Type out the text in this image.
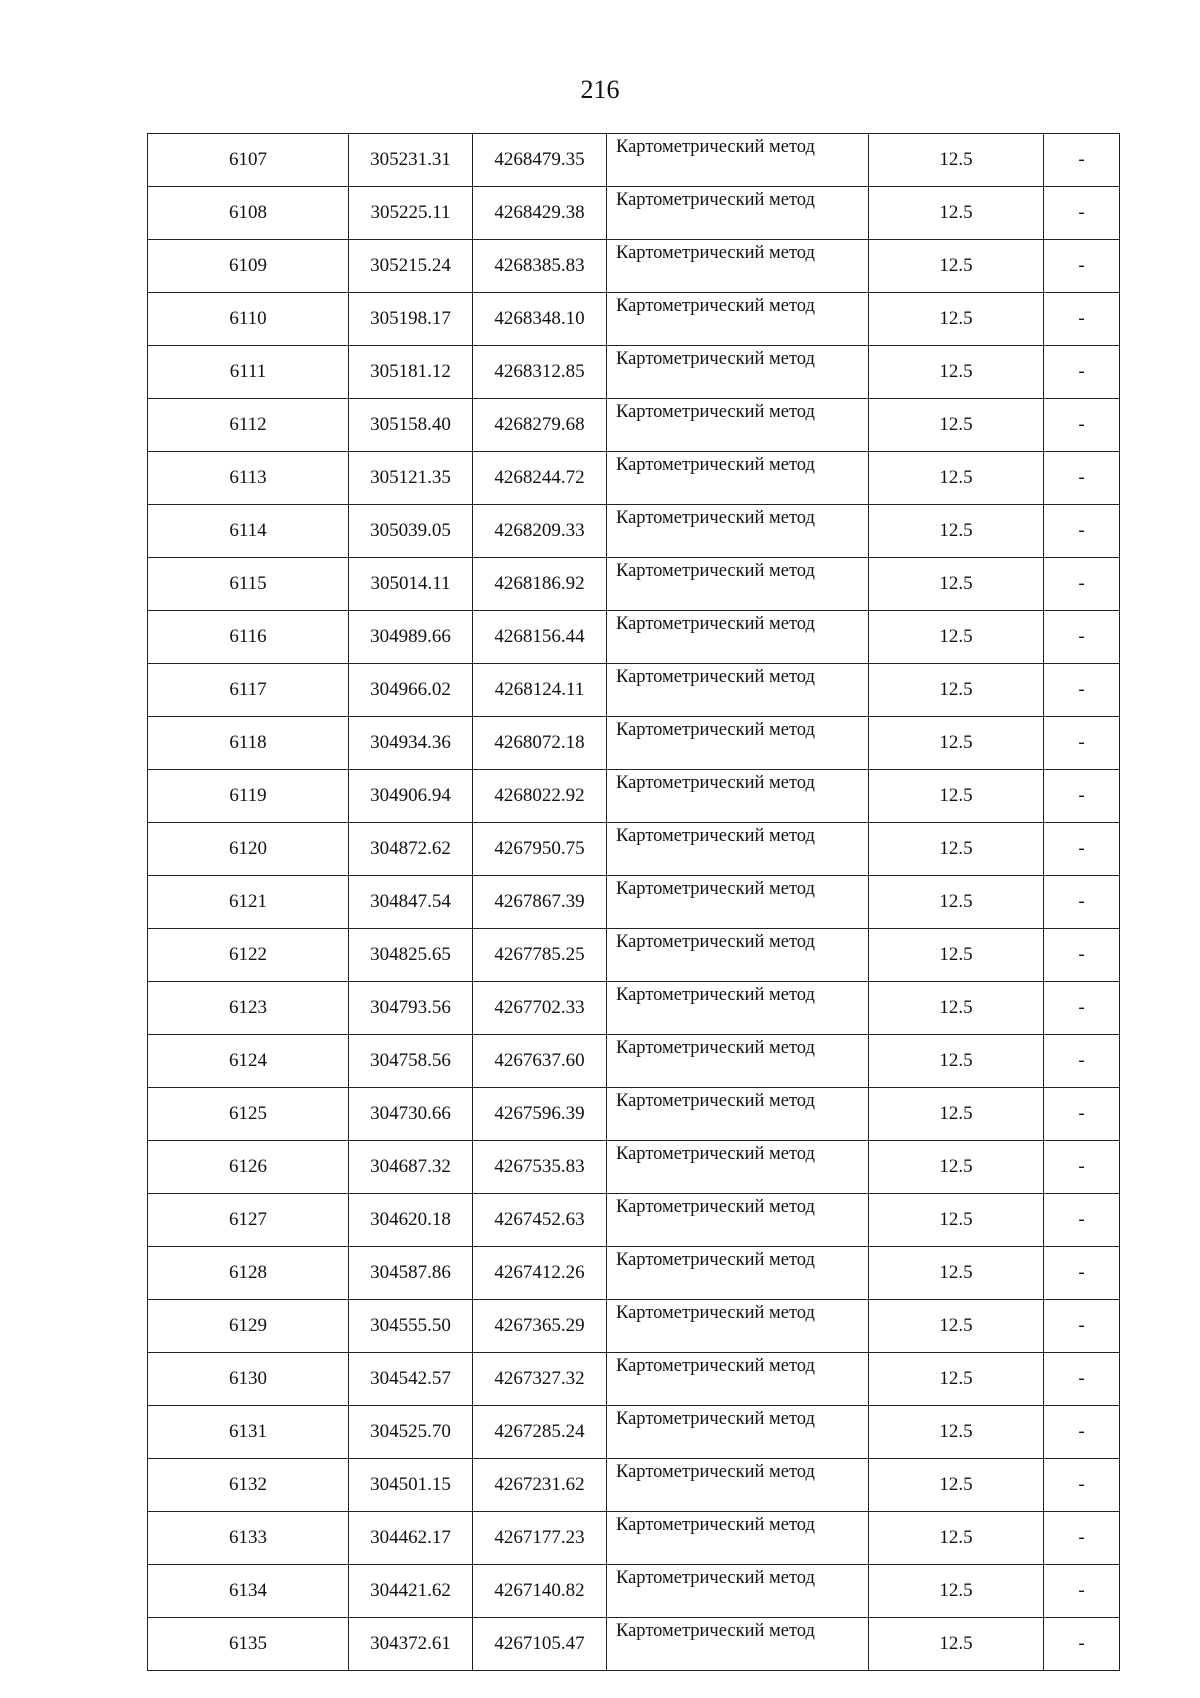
216
6107	305231.31	4268479.35	Картометрический метод	12.5	-
6108	305225.11	4268429.38	Картометрический метод	12.5	-
6109	305215.24	4268385.83	Картометрический метод	12.5	-
6110	305198.17	4268348.10	Картометрический метод	12.5	-
6111	305181.12	4268312.85	Картометрический метод	12.5	-
6112	305158.40	4268279.68	Картометрический метод	12.5	-
6113	305121.35	4268244.72	Картометрический метод	12.5	-
6114	305039.05	4268209.33	Картометрический метод	12.5	-
6115	305014.11	4268186.92	Картометрический метод	12.5	-
6116	304989.66	4268156.44	Картометрический метод	12.5	-
6117	304966.02	4268124.11	Картометрический метод	12.5	-
6118	304934.36	4268072.18	Картометрический метод	12.5	-
6119	304906.94	4268022.92	Картометрический метод	12.5	-
6120	304872.62	4267950.75	Картометрический метод	12.5	-
6121	304847.54	4267867.39	Картометрический метод	12.5	-
6122	304825.65	4267785.25	Картометрический метод	12.5	-
6123	304793.56	4267702.33	Картометрический метод	12.5	-
6124	304758.56	4267637.60	Картометрический метод	12.5	-
6125	304730.66	4267596.39	Картометрический метод	12.5	-
6126	304687.32	4267535.83	Картометрический метод	12.5	-
6127	304620.18	4267452.63	Картометрический метод	12.5	-
6128	304587.86	4267412.26	Картометрический метод	12.5	-
6129	304555.50	4267365.29	Картометрический метод	12.5	-
6130	304542.57	4267327.32	Картометрический метод	12.5	-
6131	304525.70	4267285.24	Картометрический метод	12.5	-
6132	304501.15	4267231.62	Картометрический метод	12.5	-
6133	304462.17	4267177.23	Картометрический метод	12.5	-
6134	304421.62	4267140.82	Картометрический метод	12.5	-
6135	304372.61	4267105.47	Картометрический метод	12.5	-
